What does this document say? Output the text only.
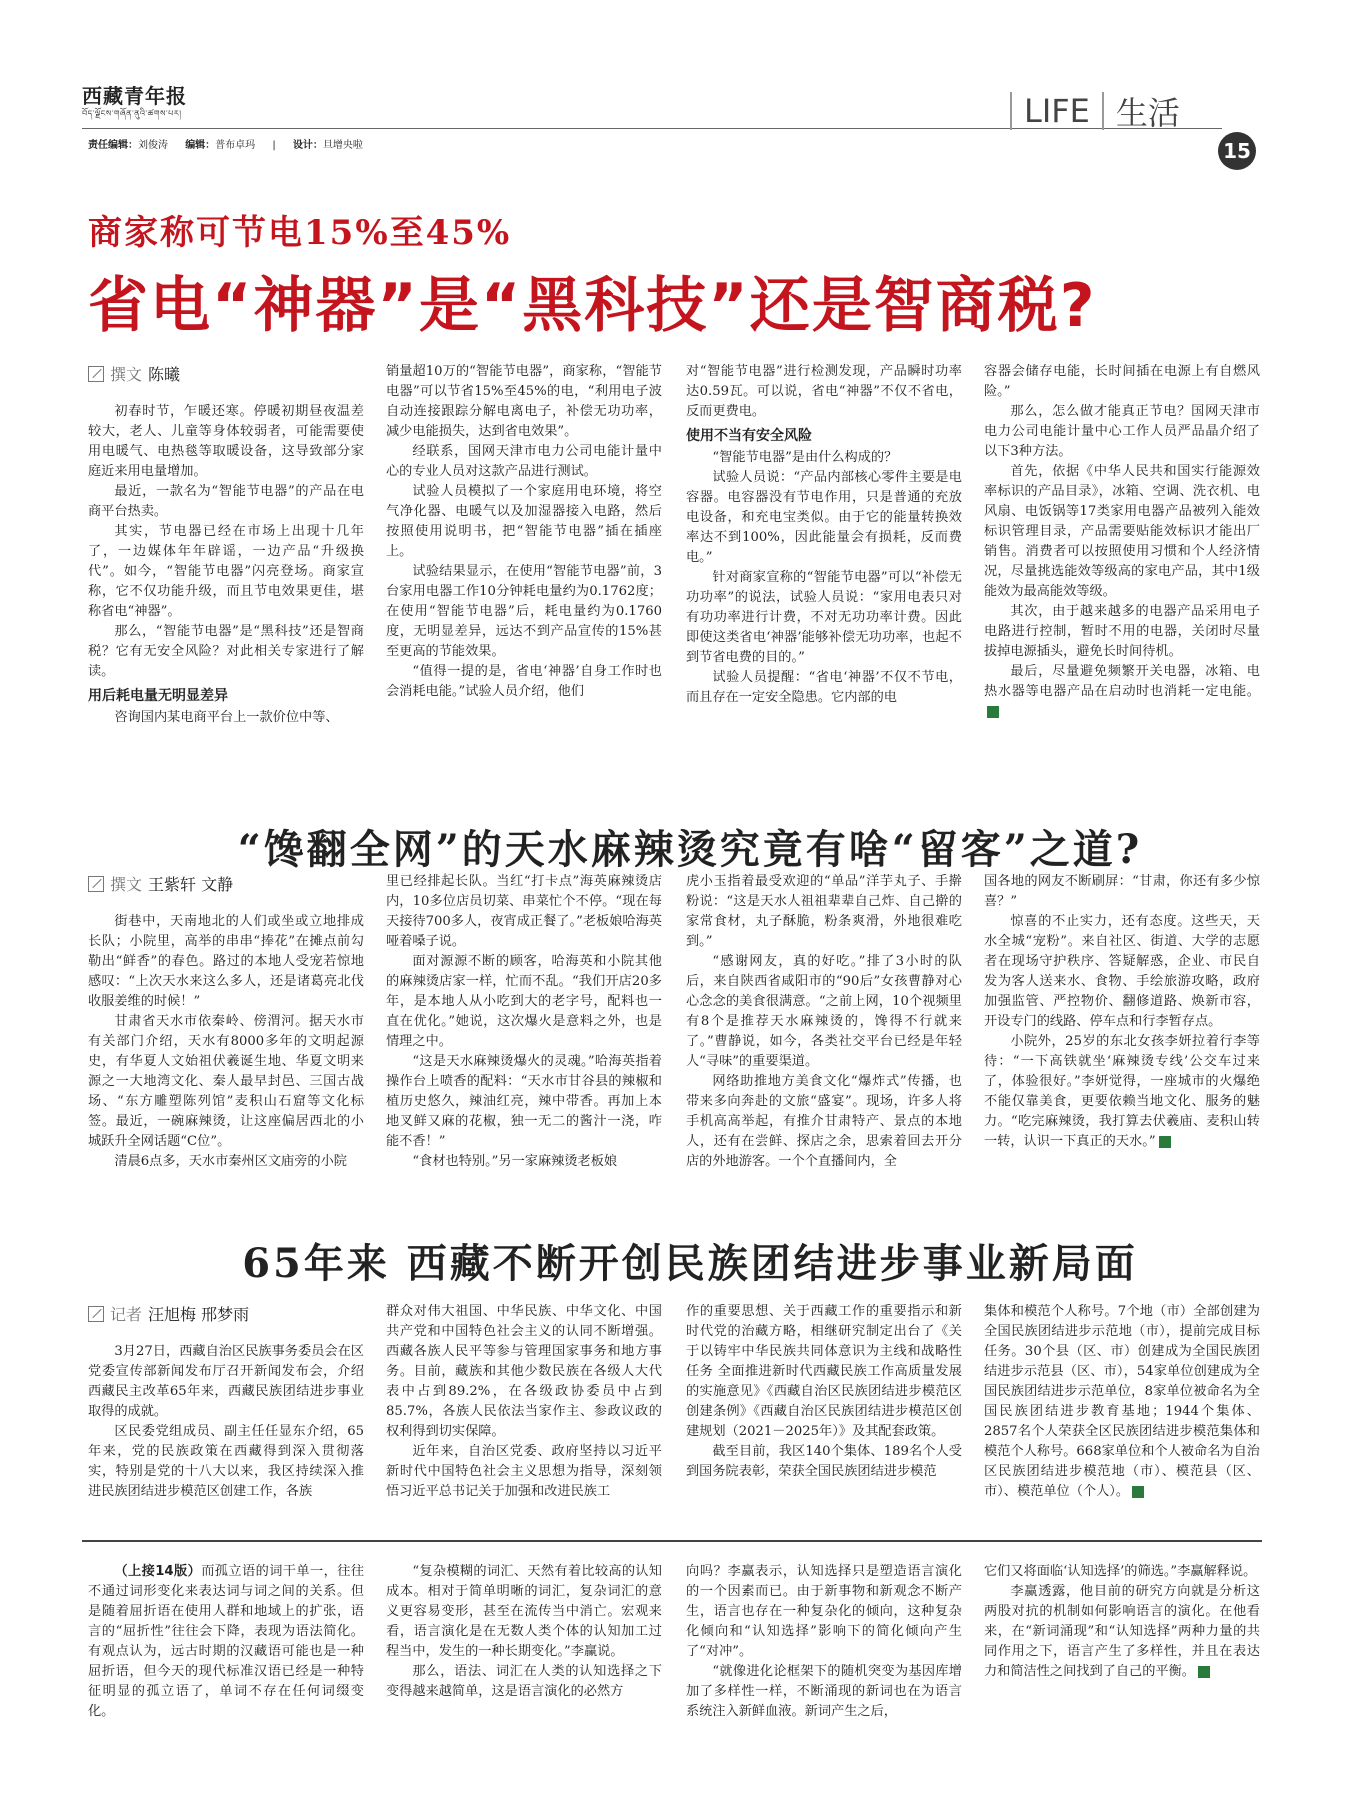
西藏青年报
བོད་ལྗོངས་གཞོན་ནུའི་ཚགས་པར།
责任编辑：刘俊涛 编辑：普布卓玛 | 设计：旦增央啦
LIFE 生活
15
商家称可节电15%至45%
省电“神器”是“黑科技”还是智商税?
撰文 陈曦

初春时节，乍暖还寒。停暖初期昼夜温差较大，老人、儿童等身体较弱者，可能需要使用电暖气、电热毯等取暖设备，这导致部分家庭近来用电量增加。

最近，一款名为“智能节电器”的产品在电商平台热卖。

其实，节电器已经在市场上出现十几年了，一边媒体年年辟谣，一边产品“升级换代”。如今，“智能节电器”闪亮登场。商家宣称，它不仅功能升级，而且节电效果更佳，堪称省电“神器”。

那么，“智能节电器”是“黑科技”还是智商税？它有无安全风险？对此相关专家进行了解读。

用后耗电量无明显差异

咨询国内某电商平台上一款价位中等、

销量超10万的“智能节电器”，商家称，“智能节电器”可以节省15%至45%的电，“利用电子波自动连接跟踪分解电离电子，补偿无功功率，减少电能损失，达到省电效果”。

经联系，国网天津市电力公司电能计量中心的专业人员对这款产品进行测试。

试验人员模拟了一个家庭用电环境，将空气净化器、电暖气以及加湿器接入电路，然后按照使用说明书，把“智能节电器”插在插座上。

试验结果显示，在使用“智能节电器”前，3台家用电器工作10分钟耗电量约为0.1762度；在使用“智能节电器”后，耗电量约为0.1760度，无明显差异，远达不到产品宣传的15%甚至更高的节能效果。

“值得一提的是，省电‘神器’自身工作时也会消耗电能。”试验人员介绍，他们

对“智能节电器”进行检测发现，产品瞬时功率达0.59瓦。可以说，省电“神器”不仅不省电，反而更费电。

使用不当有安全风险

“智能节电器”是由什么构成的？

试验人员说：“产品内部核心零件主要是电容器。电容器没有节电作用，只是普通的充放电设备，和充电宝类似。由于它的能量转换效率达不到100%，因此能量会有损耗，反而费电。”

针对商家宣称的“智能节电器”可以“补偿无功功率”的说法，试验人员说：“家用电表只对有功功率进行计费，不对无功功率计费。因此即使这类省电‘神器’能够补偿无功功率，也起不到节省电费的目的。”

试验人员提醒：“省电‘神器’不仅不节电，而且存在一定安全隐患。它内部的电

容器会储存电能，长时间插在电源上有自燃风险。”

那么，怎么做才能真正节电？国网天津市电力公司电能计量中心工作人员严品晶介绍了以下3种方法。

首先，依据《中华人民共和国实行能源效率标识的产品目录》，冰箱、空调、洗衣机、电风扇、电饭锅等17类家用电器产品被列入能效标识管理目录，产品需要贴能效标识才能出厂销售。消费者可以按照使用习惯和个人经济情况，尽量挑选能效等级高的家电产品，其中1级能效为最高能效等级。

其次，由于越来越多的电器产品采用电子电路进行控制，暂时不用的电器，关闭时尽量拔掉电源插头，避免长时间待机。

最后，尽量避免频繁开关电器，冰箱、电热水器等电器产品在启动时也消耗一定电能。

“馋翻全网”的天水麻辣烫究竟有啥“留客”之道?
撰文 王紫轩 文静

街巷中，天南地北的人们或坐或立地排成长队；小院里，高举的串串“捧花”在摊点前勾勒出“鲜香”的春色。路过的本地人受宠若惊地感叹：“上次天水来这么多人，还是诸葛亮北伐收服姜维的时候！”

甘肃省天水市依秦岭、傍渭河。据天水市有关部门介绍，天水有8000多年的文明起源史，有华夏人文始祖伏羲诞生地、华夏文明来源之一大地湾文化、秦人最早封邑、三国古战场、“东方雕塑陈列馆”麦积山石窟等文化标签。最近，一碗麻辣烫，让这座偏居西北的小城跃升全网话题“C位”。

清晨6点多，天水市秦州区文庙旁的小院

里已经排起长队。当红“打卡点”海英麻辣烫店内，10多位店员切菜、串菜忙个不停。“现在每天接待700多人，夜宵成正餐了。”老板娘哈海英哑着嗓子说。

面对源源不断的顾客，哈海英和小院其他的麻辣烫店家一样，忙而不乱。“我们开店20多年，是本地人从小吃到大的老字号，配料也一直在优化。”她说，这次爆火是意料之外，也是情理之中。

“这是天水麻辣烫爆火的灵魂。”哈海英指着操作台上喷香的配料：“天水市甘谷县的辣椒和植历史悠久，辣油红亮，辣中带香。再加上本地叉鲜又麻的花椒，独一无二的酱汁一浇，咋能不香！”

“食材也特别。”另一家麻辣烫老板娘

虎小玉指着最受欢迎的“单品”洋芋丸子、手擀粉说：“这是天水人祖祖辈辈自己炸、自己擀的家常食材，丸子酥脆，粉条爽滑，外地很难吃到。”

“感谢网友，真的好吃。”排了3小时的队后，来自陕西省咸阳市的“90后”女孩曹静对心心念念的美食很满意。“之前上网，10个视频里有8个是推荐天水麻辣烫的，馋得不行就来了。”曹静说，如今，各类社交平台已经是年轻人“寻味”的重要渠道。

网络助推地方美食文化“爆炸式”传播，也带来多向奔赴的文旅“盛宴”。现场，许多人将手机高高举起，有推介甘肃特产、景点的本地人，还有在尝鲜、探店之余，思索着回去开分店的外地游客。一个个直播间内，全

国各地的网友不断刷屏：“甘肃，你还有多少惊喜？”

惊喜的不止实力，还有态度。这些天，天水全城“宠粉”。来自社区、街道、大学的志愿者在现场守护秩序、答疑解惑，企业、市民自发为客人送来水、食物、手绘旅游攻略，政府加强监管、严控物价、翻修道路、焕新市容，开设专门的线路、停车点和行李暂存点。

小院外，25岁的东北女孩李妍拉着行李等待：“一下高铁就坐‘麻辣烫专线’公交车过来了，体验很好。”李妍觉得，一座城市的火爆绝不能仅靠美食，更要依赖当地文化、服务的魅力。“吃完麻辣烫，我打算去伏羲庙、麦积山转一转，认识一下真正的天水。”

65年来 西藏不断开创民族团结进步事业新局面
记者 汪旭梅 邢梦雨

3月27日，西藏自治区民族事务委员会在区党委宣传部新闻发布厅召开新闻发布会，介绍西藏民主改革65年来，西藏民族团结进步事业取得的成就。

区民委党组成员、副主任任显东介绍，65年来，党的民族政策在西藏得到深入贯彻落实，特别是党的十八大以来，我区持续深入推进民族团结进步模范区创建工作，各族

群众对伟大祖国、中华民族、中华文化、中国共产党和中国特色社会主义的认同不断增强。西藏各族人民平等参与管理国家事务和地方事务。目前，藏族和其他少数民族在各级人大代表中占到89.2%，在各级政协委员中占到85.7%，各族人民依法当家作主、参政议政的权利得到切实保障。

近年来，自治区党委、政府坚持以习近平新时代中国特色社会主义思想为指导，深刻领悟习近平总书记关于加强和改进民族工

作的重要思想、关于西藏工作的重要指示和新时代党的治藏方略，相继研究制定出台了《关于以铸牢中华民族共同体意识为主线和战略性任务 全面推进新时代西藏民族工作高质量发展的实施意见》《西藏自治区民族团结进步模范区创建条例》《西藏自治区民族团结进步模范区创建规划（2021－2025年）》及其配套政策。

截至目前，我区140个集体、189名个人受到国务院表彰，荣获全国民族团结进步模范

集体和模范个人称号。7个地（市）全部创建为全国民族团结进步示范地（市），提前完成目标任务。30个县（区、市）创建成为全国民族团结进步示范县（区、市），54家单位创建成为全国民族团结进步示范单位，8家单位被命名为全国民族团结进步教育基地；1944个集体、2857名个人荣获全区民族团结进步模范集体和模范个人称号。668家单位和个人被命名为自治区民族团结进步模范地（市）、模范县（区、市）、模范单位（个人）。

（上接14版）而孤立语的词干单一，往往不通过词形变化来表达词与词之间的关系。但是随着屈折语在使用人群和地域上的扩张，语言的“屈折性”往往会下降，表现为语法简化。有观点认为，远古时期的汉藏语可能也是一种屈折语，但今天的现代标准汉语已经是一种特征明显的孤立语了，单词不存在任何词缀变化。

“复杂模糊的词汇、天然有着比较高的认知成本。相对于简单明晰的词汇，复杂词汇的意义更容易变形，甚至在流传当中消亡。宏观来看，语言演化是在无数人类个体的认知加工过程当中，发生的一种长期变化。”李赢说。

那么，语法、词汇在人类的认知选择之下变得越来越简单，这是语言演化的必然方

向吗？李赢表示，认知选择只是塑造语言演化的一个因素而已。由于新事物和新观念不断产生，语言也存在一种复杂化的倾向，这种复杂化倾向和“认知选择”影响下的简化倾向产生了“对冲”。

“就像进化论框架下的随机突变为基因库增加了多样性一样，不断涌现的新词也在为语言系统注入新鲜血液。新词产生之后，

它们又将面临‘认知选择’的筛选。”李赢解释说。

李赢透露，他目前的研究方向就是分析这两股对抗的机制如何影响语言的演化。在他看来，在“新词涌现”和“认知选择”两种力量的共同作用之下，语言产生了多样性，并且在表达力和简洁性之间找到了自己的平衡。
